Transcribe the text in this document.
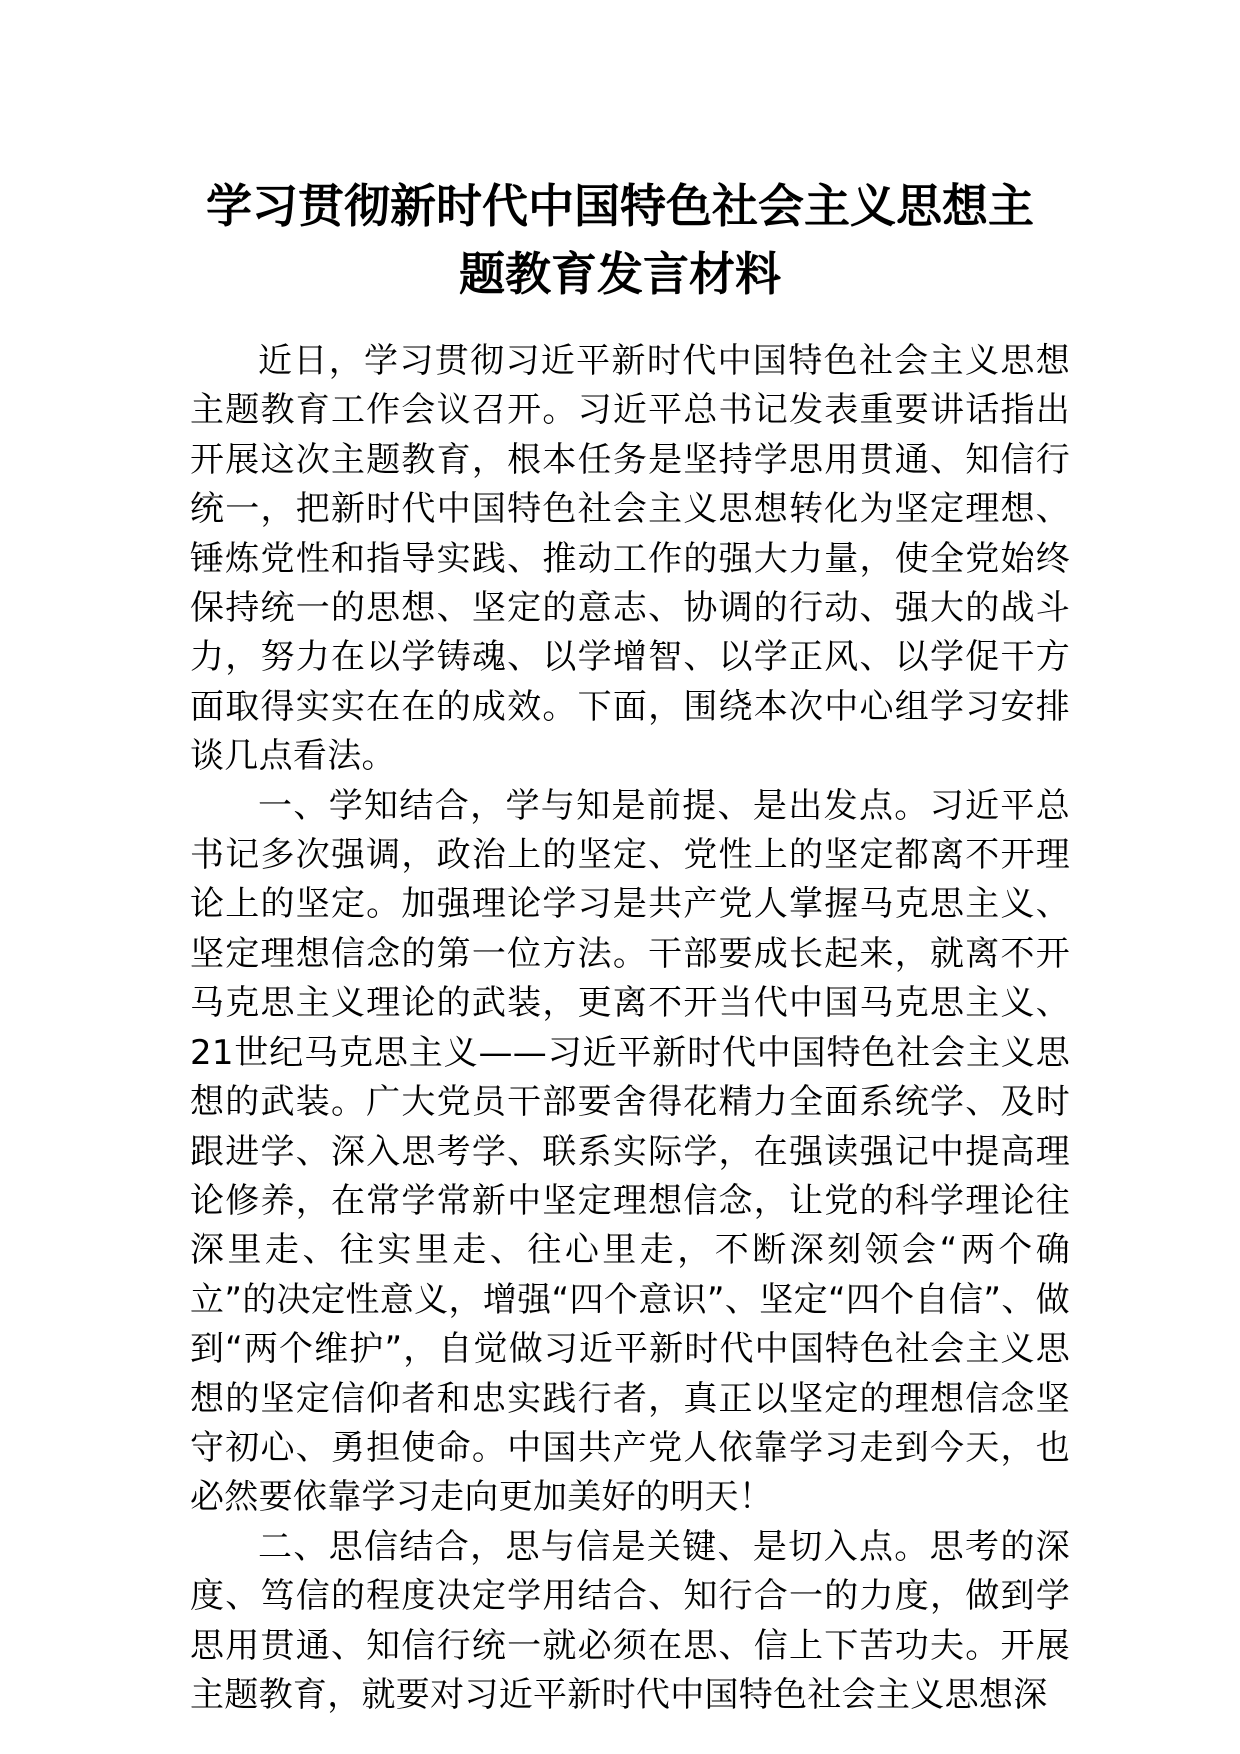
学习贯彻新时代中国特色社会主义思想主
题教育发言材料

近日，学习贯彻习近平新时代中国特色社会主义思想主题教育工作会议召开。习近平总书记发表重要讲话指出开展这次主题教育，根本任务是坚持学思用贯通、知信行统一，把新时代中国特色社会主义思想转化为坚定理想、锤炼党性和指导实践、推动工作的强大力量，使全党始终保持统一的思想、坚定的意志、协调的行动、强大的战斗力，努力在以学铸魂、以学增智、以学正风、以学促干方面取得实实在在的成效。下面，围绕本次中心组学习安排谈几点看法。

一、学知结合，学与知是前提、是出发点。习近平总书记多次强调，政治上的坚定、党性上的坚定都离不开理论上的坚定。加强理论学习是共产党人掌握马克思主义、坚定理想信念的第一位方法。干部要成长起来，就离不开马克思主义理论的武装，更离不开当代中国马克思主义、21世纪马克思主义——习近平新时代中国特色社会主义思想的武装。广大党员干部要舍得花精力全面系统学、及时跟进学、深入思考学、联系实际学，在强读强记中提高理论修养，在常学常新中坚定理想信念，让党的科学理论往深里走、往实里走、往心里走，不断深刻领会“两个确立”的决定性意义，增强“四个意识”、坚定“四个自信”、做到“两个维护”，自觉做习近平新时代中国特色社会主义思想的坚定信仰者和忠实践行者，真正以坚定的理想信念坚守初心、勇担使命。中国共产党人依靠学习走到今天，也必然要依靠学习走向更加美好的明天！

二、思信结合，思与信是关键、是切入点。思考的深度、笃信的程度决定学用结合、知行合一的力度，做到学思用贯通、知信行统一就必须在思、信上下苦功夫。开展主题教育，就要对习近平新时代中国特色社会主义思想深
